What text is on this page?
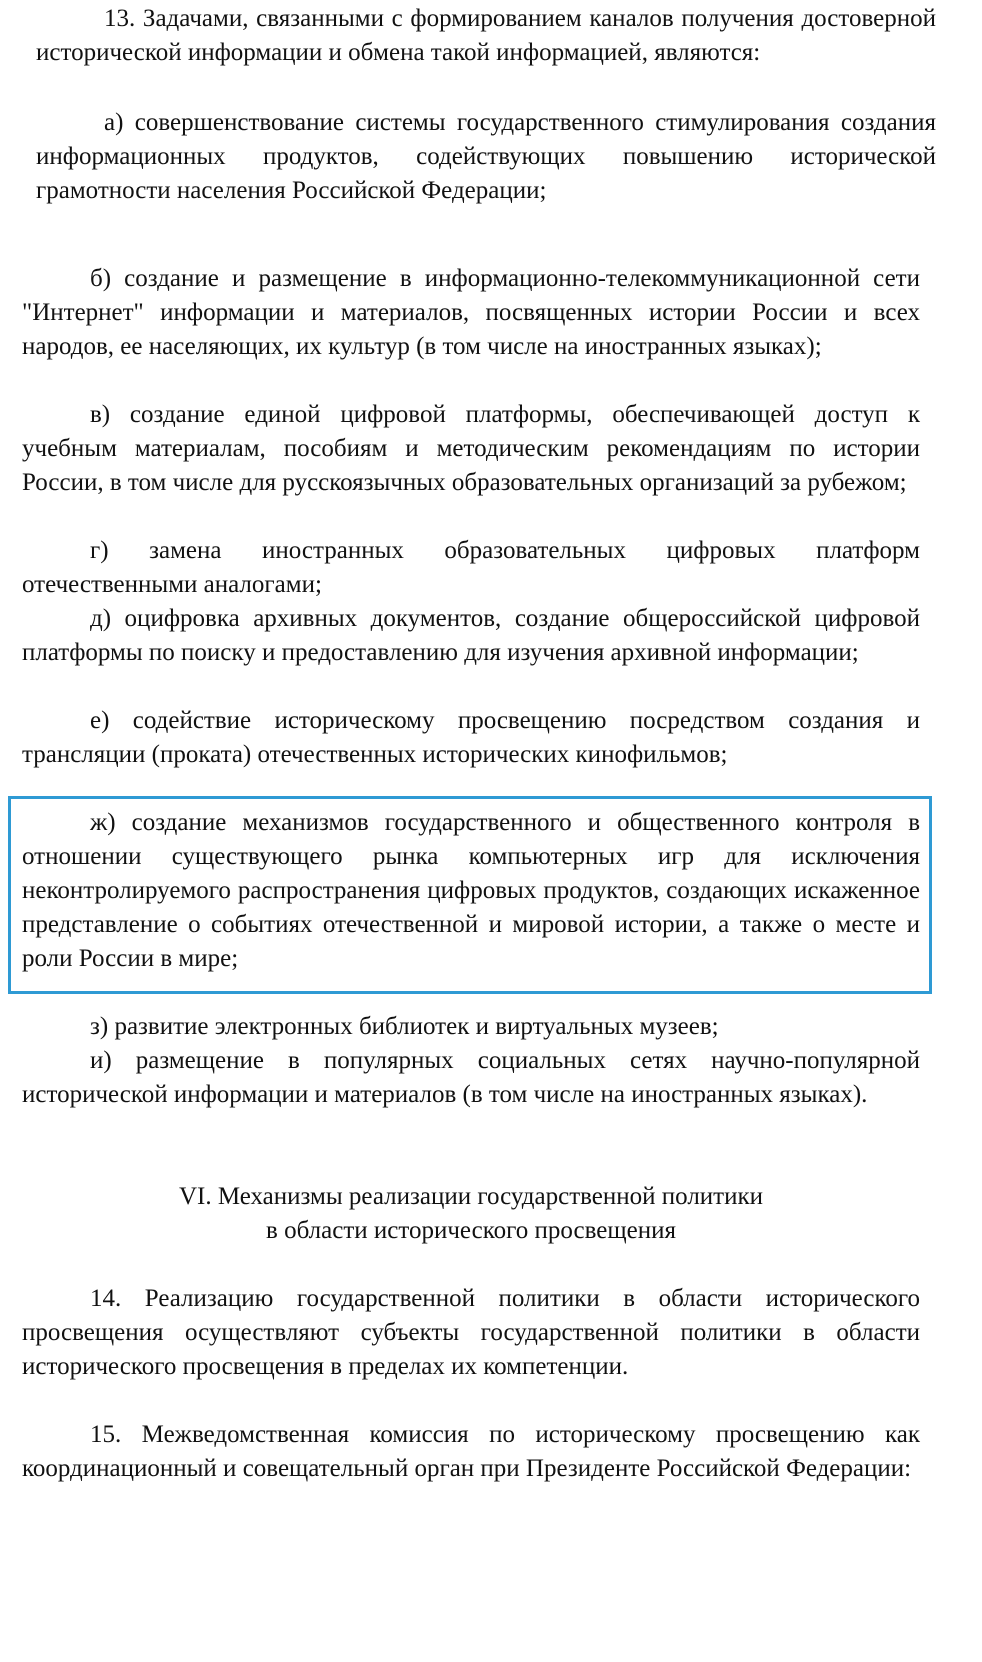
13. Задачами, связанными с формированием каналов получения достоверной исторической информации и обмена такой информацией, являются:

а) совершенствование системы государственного стимулирования создания информационных продуктов, содействующих повышению исторической грамотности населения Российской Федерации;

б) создание и размещение в информационно-телекоммуникационной сети "Интернет" информации и материалов, посвященных истории России и всех народов, ее населяющих, их культур (в том числе на иностранных языках);

в) создание единой цифровой платформы, обеспечивающей доступ к учебным материалам, пособиям и методическим рекомендациям по истории России, в том числе для русскоязычных образовательных организаций за рубежом;

г) замена иностранных образовательных цифровых платформ отечественными аналогами;

д) оцифровка архивных документов, создание общероссийской цифровой платформы по поиску и предоставлению для изучения архивной информации;

е) содействие историческому просвещению посредством создания и трансляции (проката) отечественных исторических кинофильмов;

ж) создание механизмов государственного и общественного контроля в отношении существующего рынка компьютерных игр для исключения неконтролируемого распространения цифровых продуктов, создающих искаженное представление о событиях отечественной и мировой истории, а также о месте и роли России в мире;

з) развитие электронных библиотек и виртуальных музеев;

и) размещение в популярных социальных сетях научно-популярной исторической информации и материалов (в том числе на иностранных языках).

VI. Механизмы реализации государственной политики

в области исторического просвещения

14. Реализацию государственной политики в области исторического просвещения осуществляют субъекты государственной политики в области исторического просвещения в пределах их компетенции.

15. Межведомственная комиссия по историческому просвещению как координационный и совещательный орган при Президенте Российской Федерации:
